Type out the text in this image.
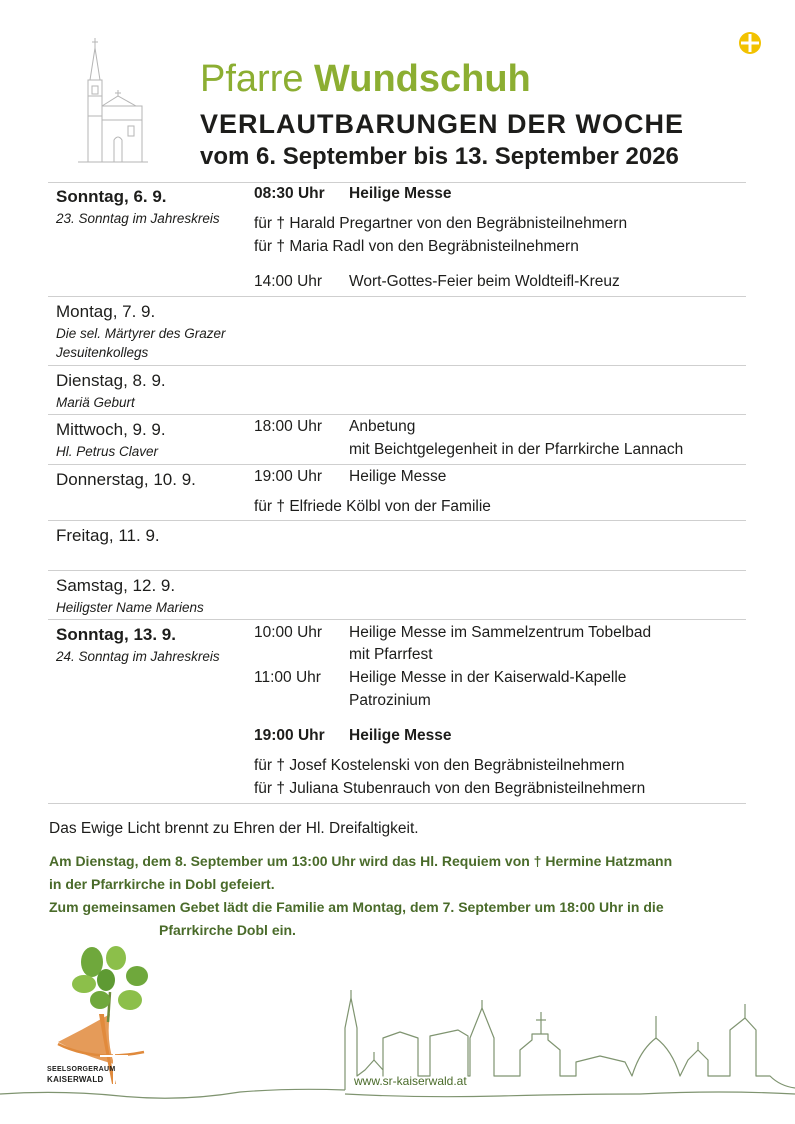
Pfarre Wundschuh
VERLAUTBARUNGEN DER WOCHE
vom 6. September bis 13. September 2026
Sonntag, 6. 9.
23. Sonntag im Jahreskreis
08:30 Uhr Heilige Messe
für † Harald Pregartner von den Begräbnisteilnehmern
für † Maria Radl von den Begräbnisteilnehmern
14:00 Uhr Wort-Gottes-Feier beim Woldteifl-Kreuz
Montag, 7. 9.
Die sel. Märtyrer des Grazer
Jesuitenkollegs
Dienstag, 8. 9.
Mariä Geburt
Mittwoch, 9. 9.
Hl. Petrus Claver
18:00 Uhr Anbetung
mit Beichtgelegenheit in der Pfarrkirche Lannach
Donnerstag, 10. 9.	19:00 Uhr Heilige Messe
für † Elfriede Kölbl von der Familie
Freitag, 11. 9.
Samstag, 12. 9.
Heiligster Name Mariens
Sonntag, 13. 9.
24. Sonntag im Jahreskreis
10:00 Uhr Heilige Messe im Sammelzentrum Tobelbad
mit Pfarrfest
11:00 Uhr Heilige Messe in der Kaiserwald-Kapelle
Patrozinium
19:00 Uhr Heilige Messe
für † Josef Kostelenski von den Begräbnisteilnehmern
für † Juliana Stubenrauch von den Begräbnisteilnehmern
Das Ewige Licht brennt zu Ehren der Hl. Dreifaltigkeit.
Am Dienstag, dem 8. September um 13:00 Uhr wird das Hl. Requiem von † Hermine Hatzmann
in der Pfarrkirche in Dobl gefeiert.
Zum gemeinsamen Gebet lädt die Familie am Montag, dem 7. September um 18:00 Uhr in die
Pfarrkirche Dobl ein.
SEELSORGERAUM
KAISERWALD	www.sr-kaiserwald.at
